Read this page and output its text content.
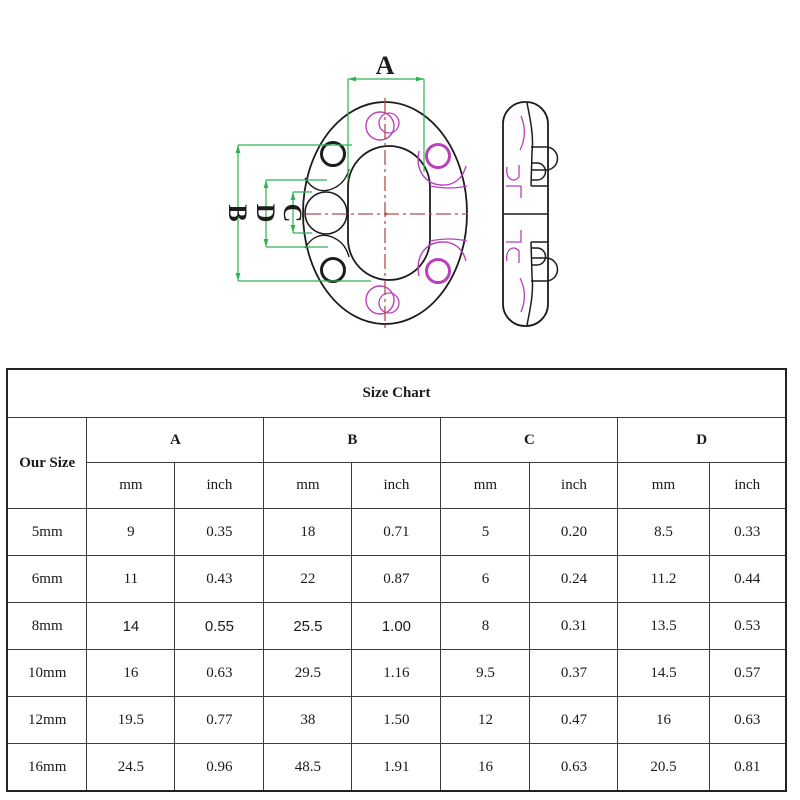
A
B D
C
Size Chart								
Our Size	A		B		C		D	
	mm	inch	mm	inch	mm	inch	mm	inch
5mm	9	0.35	18	0.71	5	0.20	8.5	0.33
6mm	11	0.43	22	0.87	6	0.24	11.2	0.44
8mm	14	0.55	25.5	1.00	8	0.31	13.5	0.53
10mm	16	0.63	29.5	1.16	9.5	0.37	14.5	0.57
12mm	19.5	0.77	38	1.50	12	0.47	16	0.63
16mm	24.5	0.96	48.5	1.91	16	0.63	20.5	0.81
